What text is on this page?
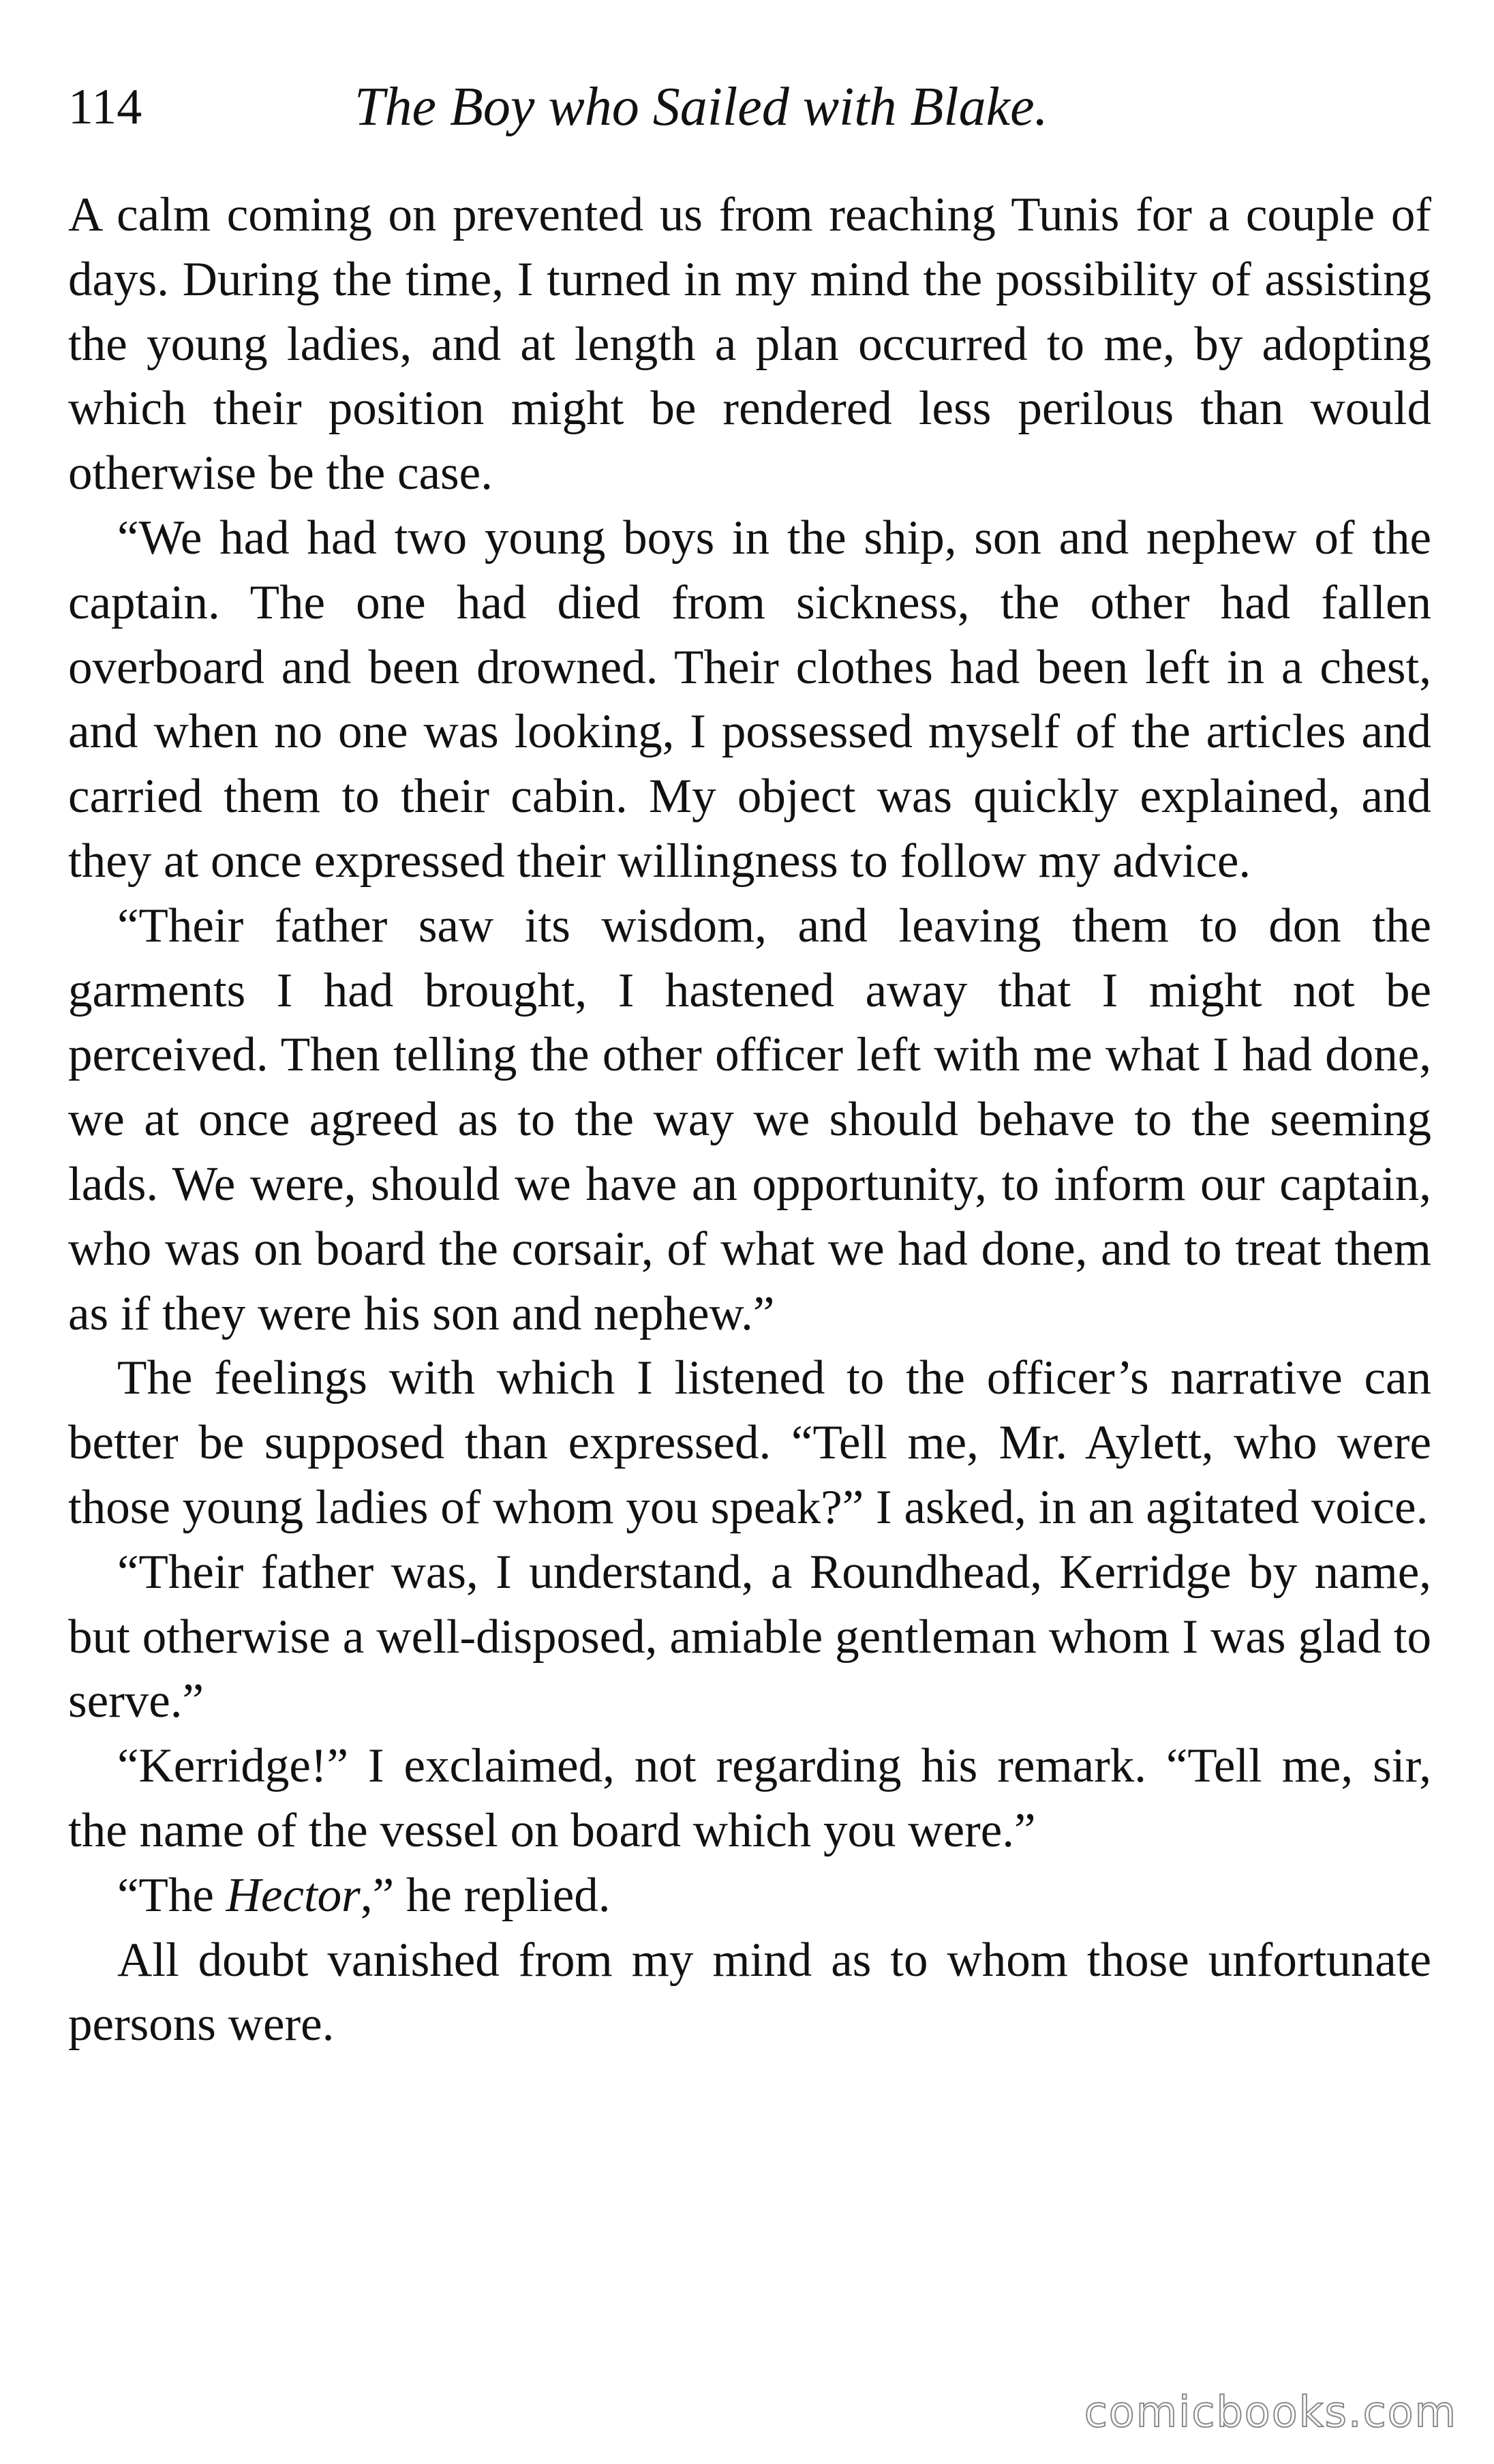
114	The Boy who Sailed with Blake.

A calm coming on prevented us from reaching Tunis for a couple of days. During the time, I turned in my mind the possibility of assisting the young ladies, and at length a plan occurred to me, by adopting which their position might be rendered less perilous than would otherwise be the case.

“We had had two young boys in the ship, son and nephew of the captain. The one had died from sickness, the other had fallen overboard and been drowned. Their clothes had been left in a chest, and when no one was looking, I possessed myself of the articles and carried them to their cabin. My object was quickly explained, and they at once expressed their willingness to follow my advice.

“Their father saw its wisdom, and leaving them to don the garments I had brought, I hastened away that I might not be perceived. Then telling the other officer left with me what I had done, we at once agreed as to the way we should behave to the seeming lads. We were, should we have an opportunity, to inform our captain, who was on board the corsair, of what we had done, and to treat them as if they were his son and nephew.”

The feelings with which I listened to the officer’s narrative can better be supposed than expressed. “Tell me, Mr. Aylett, who were those young ladies of whom you speak?” I asked, in an agitated voice.

“Their father was, I understand, a Roundhead, Kerridge by name, but otherwise a well-disposed, amiable gentleman whom I was glad to serve.”

“Kerridge!” I exclaimed, not regarding his remark. “Tell me, sir, the name of the vessel on board which you were.”

“The Hector,” he replied.

All doubt vanished from my mind as to whom those unfortunate persons were.

comicbooks.com
